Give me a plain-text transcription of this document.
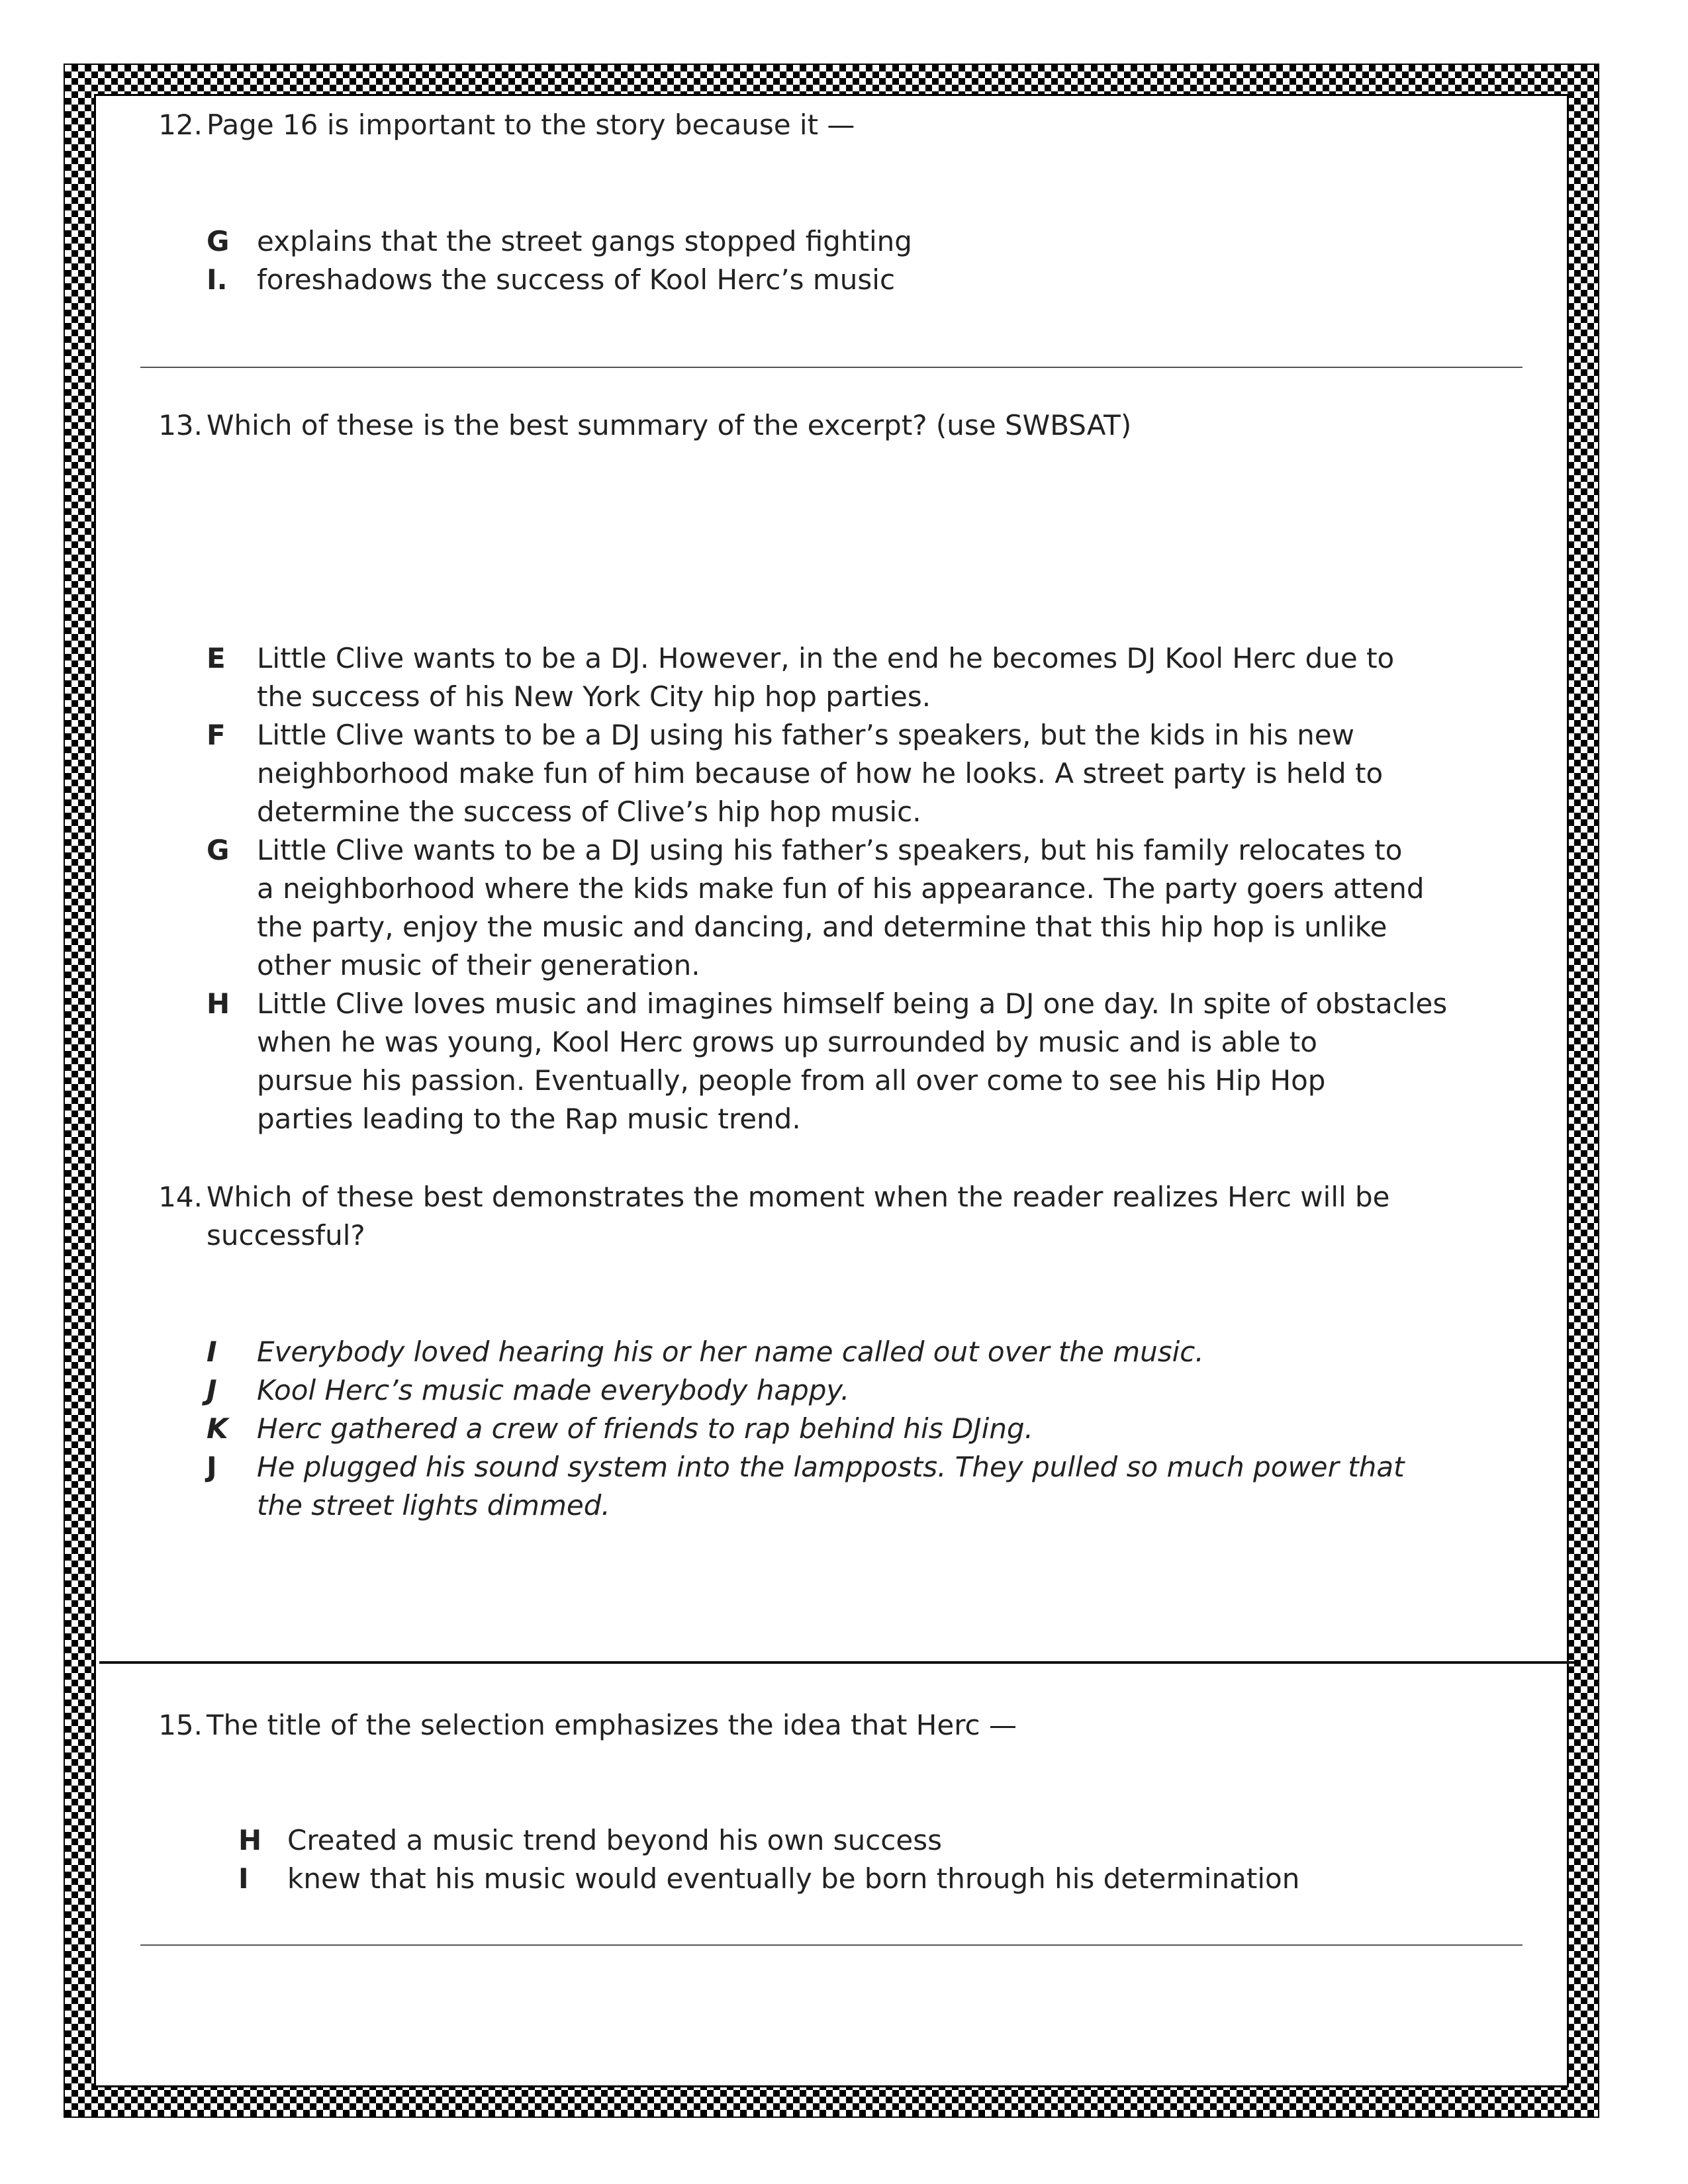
12. Page 16 is important to the story because it —
G explains that the street gangs stopped fighting
I. foreshadows the success of Kool Herc’s music
13. Which of these is the best summary of the excerpt? (use SWBSAT)
E Little Clive wants to be a DJ. However, in the end he becomes DJ Kool Herc due to
the success of his New York City hip hop parties.
F Little Clive wants to be a DJ using his father’s speakers, but the kids in his new
neighborhood make fun of him because of how he looks. A street party is held to
determine the success of Clive’s hip hop music.
G Little Clive wants to be a DJ using his father’s speakers, but his family relocates to
a neighborhood where the kids make fun of his appearance. The party goers attend
the party, enjoy the music and dancing, and determine that this hip hop is unlike
other music of their generation.
H Little Clive loves music and imagines himself being a DJ one day. In spite of obstacles
when he was young, Kool Herc grows up surrounded by music and is able to
pursue his passion. Eventually, people from all over come to see his Hip Hop
parties leading to the Rap music trend.
14. Which of these best demonstrates the moment when the reader realizes Herc will be
successful?
I Everybody loved hearing his or her name called out over the music.
J Kool Herc’s music made everybody happy.
K Herc gathered a crew of friends to rap behind his DJing.
J He plugged his sound system into the lampposts. They pulled so much power that
the street lights dimmed.
15. The title of the selection emphasizes the idea that Herc —
H Created a music trend beyond his own success
I knew that his music would eventually be born through his determination
